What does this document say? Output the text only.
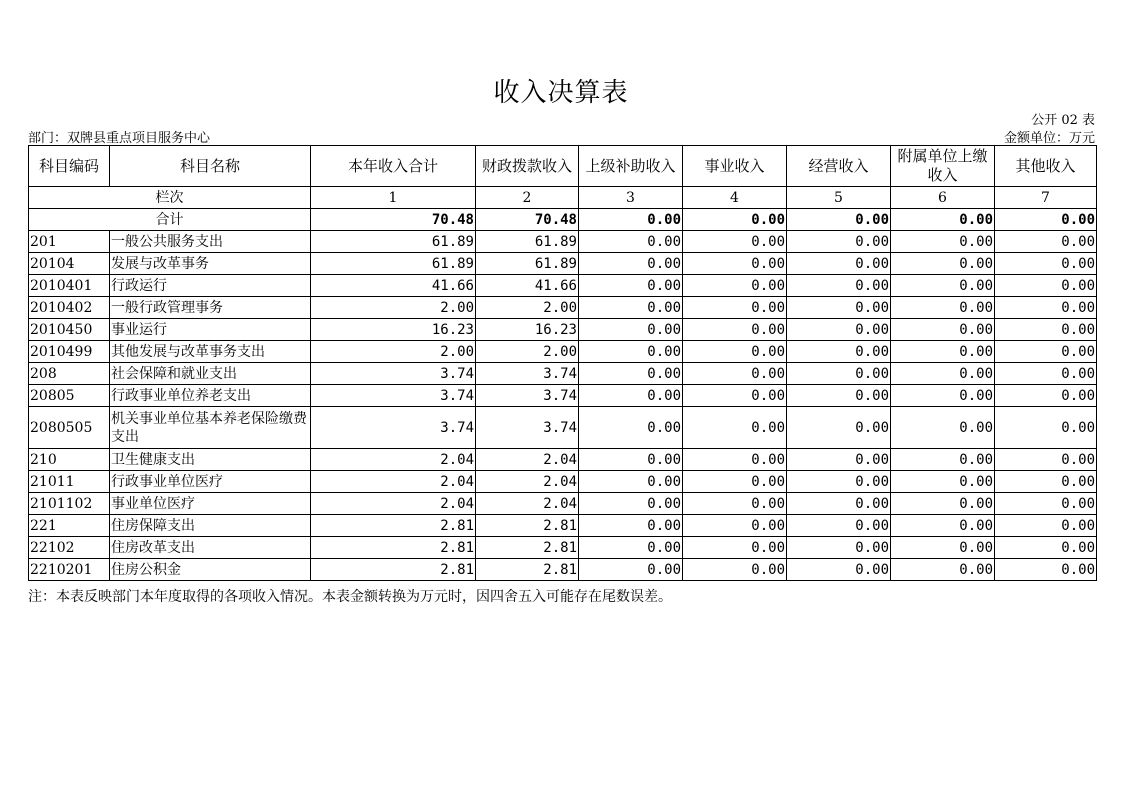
收入决算表
公开 02 表
金额单位：万元
部门：双牌县重点项目服务中心
科目编码	科目名称	本年收入合计	财政拨款收入	上级补助收入	事业收入	经营收入	附属单位上缴收入	其他收入
栏次		1	2	3	4	5	6	7
合计		70.48	70.48	0.00	0.00	0.00	0.00	0.00
201	一般公共服务支出	61.89	61.89	0.00	0.00	0.00	0.00	0.00
20104	发展与改革事务	61.89	61.89	0.00	0.00	0.00	0.00	0.00
2010401	行政运行	41.66	41.66	0.00	0.00	0.00	0.00	0.00
2010402	一般行政管理事务	2.00	2.00	0.00	0.00	0.00	0.00	0.00
2010450	事业运行	16.23	16.23	0.00	0.00	0.00	0.00	0.00
2010499	其他发展与改革事务支出	2.00	2.00	0.00	0.00	0.00	0.00	0.00
208	社会保障和就业支出	3.74	3.74	0.00	0.00	0.00	0.00	0.00
20805	行政事业单位养老支出	3.74	3.74	0.00	0.00	0.00	0.00	0.00
2080505	机关事业单位基本养老保险缴费支出	3.74	3.74	0.00	0.00	0.00	0.00	0.00
210	卫生健康支出	2.04	2.04	0.00	0.00	0.00	0.00	0.00
21011	行政事业单位医疗	2.04	2.04	0.00	0.00	0.00	0.00	0.00
2101102	事业单位医疗	2.04	2.04	0.00	0.00	0.00	0.00	0.00
221	住房保障支出	2.81	2.81	0.00	0.00	0.00	0.00	0.00
22102	住房改革支出	2.81	2.81	0.00	0.00	0.00	0.00	0.00
2210201	住房公积金	2.81	2.81	0.00	0.00	0.00	0.00	0.00
注：本表反映部门本年度取得的各项收入情况。本表金额转换为万元时，因四舍五入可能存在尾数误差。
